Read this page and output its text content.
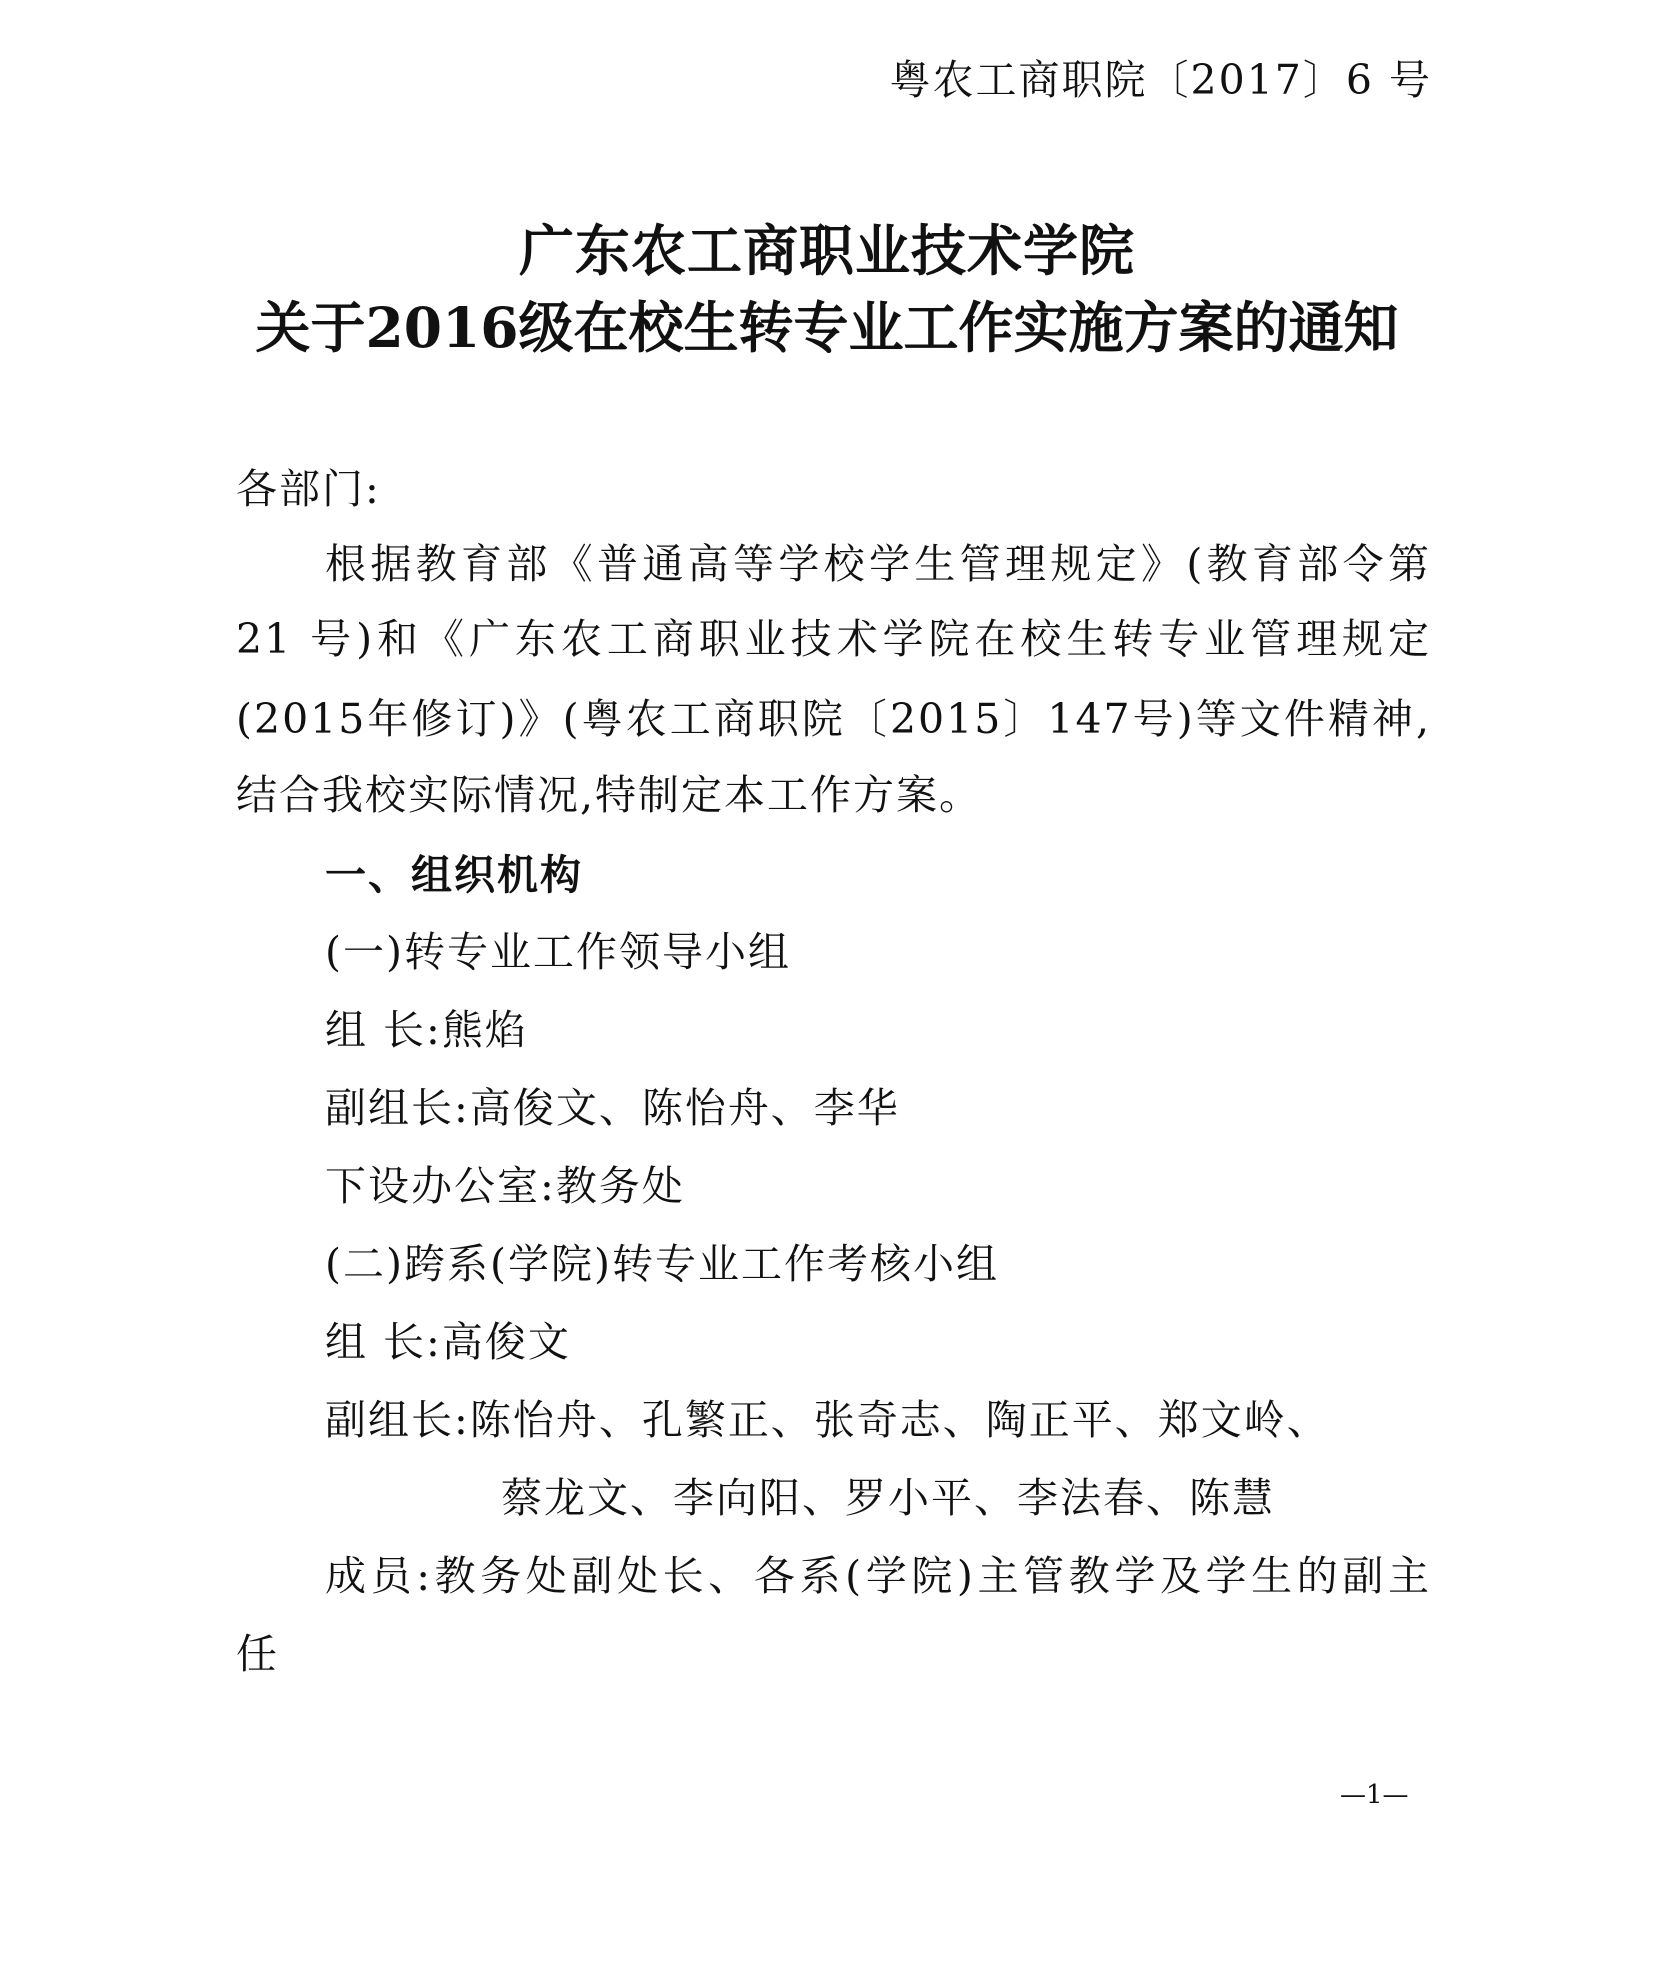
粤农工商职院〔2017〕6 号
广东农工商职业技术学院
关于2016级在校生转专业工作实施方案的通知
各部门:
根据教育部《普通高等学校学生管理规定》(教育部令第
21 号)和《广东农工商职业技术学院在校生转专业管理规定
(2015年修订)》(粤农工商职院〔2015〕147号)等文件精神,
结合我校实际情况,特制定本工作方案。
一、组织机构
(一)转专业工作领导小组
组 长:熊焰
副组长:高俊文、陈怡舟、李华
下设办公室:教务处
(二)跨系(学院)转专业工作考核小组
组 长:高俊文
副组长:陈怡舟、孔繁正、张奇志、陶正平、郑文岭、
蔡龙文、李向阳、罗小平、李法春、陈慧
成员:教务处副处长、各系(学院)主管教学及学生的副主
任
—1—
